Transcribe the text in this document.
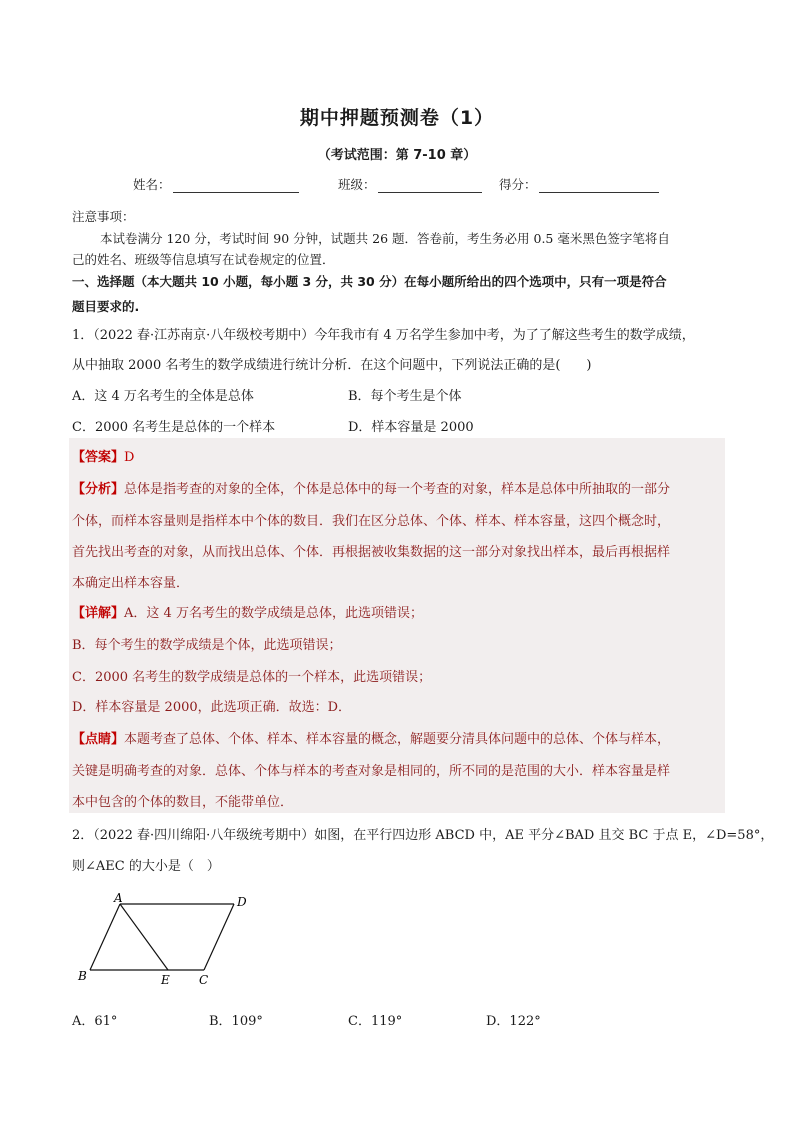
期中押题预测卷（1）
（考试范围：第 7-10 章）
姓名：	班级：	得分：
注意事项：
本试卷满分 120 分，考试时间 90 分钟，试题共 26 题．答卷前，考生务必用 0.5 毫米黑色签字笔将自
己的姓名、班级等信息填写在试卷规定的位置．
一、选择题（本大题共 10 小题，每小题 3 分，共 30 分）在每小题所给出的四个选项中，只有一项是符合
题目要求的.
1．（2022 春·江苏南京·八年级校考期中）今年我市有 4 万名学生参加中考，为了了解这些考生的数学成绩，
从中抽取 2000 名考生的数学成绩进行统计分析．在这个问题中，下列说法正确的是(　　)
A．这 4 万名考生的全体是总体	B．每个考生是个体
C．2000 名考生是总体的一个样本	D．样本容量是 2000
【答案】D
【分析】总体是指考查的对象的全体，个体是总体中的每一个考查的对象，样本是总体中所抽取的一部分
个体，而样本容量则是指样本中个体的数目．我们在区分总体、个体、样本、样本容量，这四个概念时，
首先找出考查的对象，从而找出总体、个体．再根据被收集数据的这一部分对象找出样本，最后再根据样
本确定出样本容量．
【详解】A．这 4 万名考生的数学成绩是总体，此选项错误；
B．每个考生的数学成绩是个体，此选项错误；
C．2000 名考生的数学成绩是总体的一个样本，此选项错误；
D．样本容量是 2000，此选项正确．故选：D．
【点睛】本题考查了总体、个体、样本、样本容量的概念，解题要分清具体问题中的总体、个体与样本，
关键是明确考查的对象．总体、个体与样本的考查对象是相同的，所不同的是范围的大小．样本容量是样
本中包含的个体的数目，不能带单位．
2．（2022 春·四川绵阳·八年级统考期中）如图，在平行四边形 ABCD 中，AE 平分∠BAD 且交 BC 于点 E，∠D=58°，
则∠AEC 的大小是（　）
A	D
B	E C
A．61°	B．109°	C．119°	D．122°
